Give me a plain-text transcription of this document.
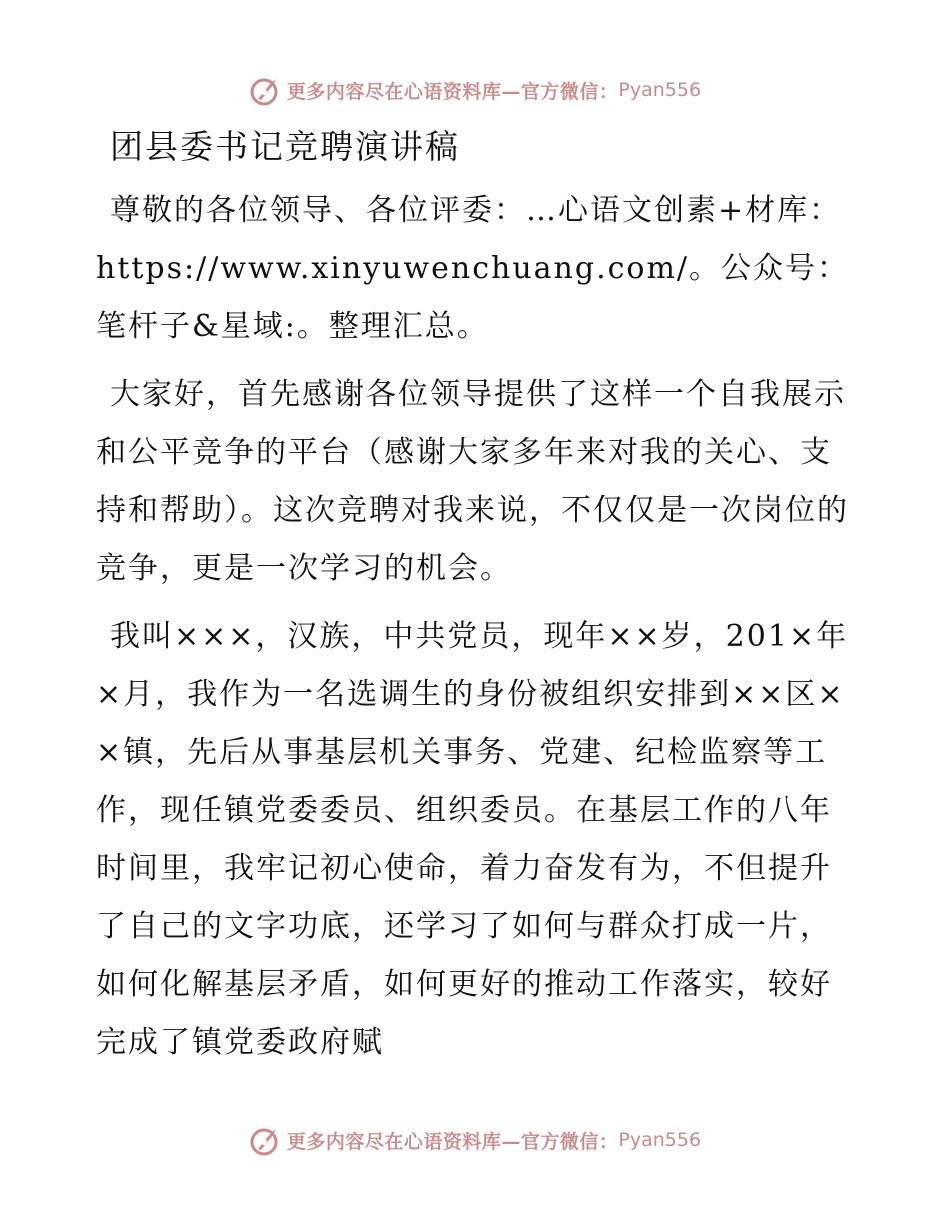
更多内容尽在心语资料库—官方微信： Pyan556
团县委书记竞聘演讲稿

尊敬的各位领导、各位评委：…心语文创素+材库：https://www.xinyuwenchuang.com/。公众号：笔杆子&星域:。整理汇总。

大家好，首先感谢各位领导提供了这样一个自我展示和公平竞争的平台（感谢大家多年来对我的关心、支持和帮助）。这次竞聘对我来说，不仅仅是一次岗位的竞争，更是一次学习的机会。

我叫×××，汉族，中共党员，现年××岁，201×年×月，我作为一名选调生的身份被组织安排到××区××镇，先后从事基层机关事务、党建、纪检监察等工作，现任镇党委委员、组织委员。在基层工作的八年时间里，我牢记初心使命，着力奋发有为，不但提升了自己的文字功底，还学习了如何与群众打成一片，如何化解基层矛盾，如何更好的推动工作落实，较好完成了镇党委政府赋

更多内容尽在心语资料库—官方微信： Pyan556
